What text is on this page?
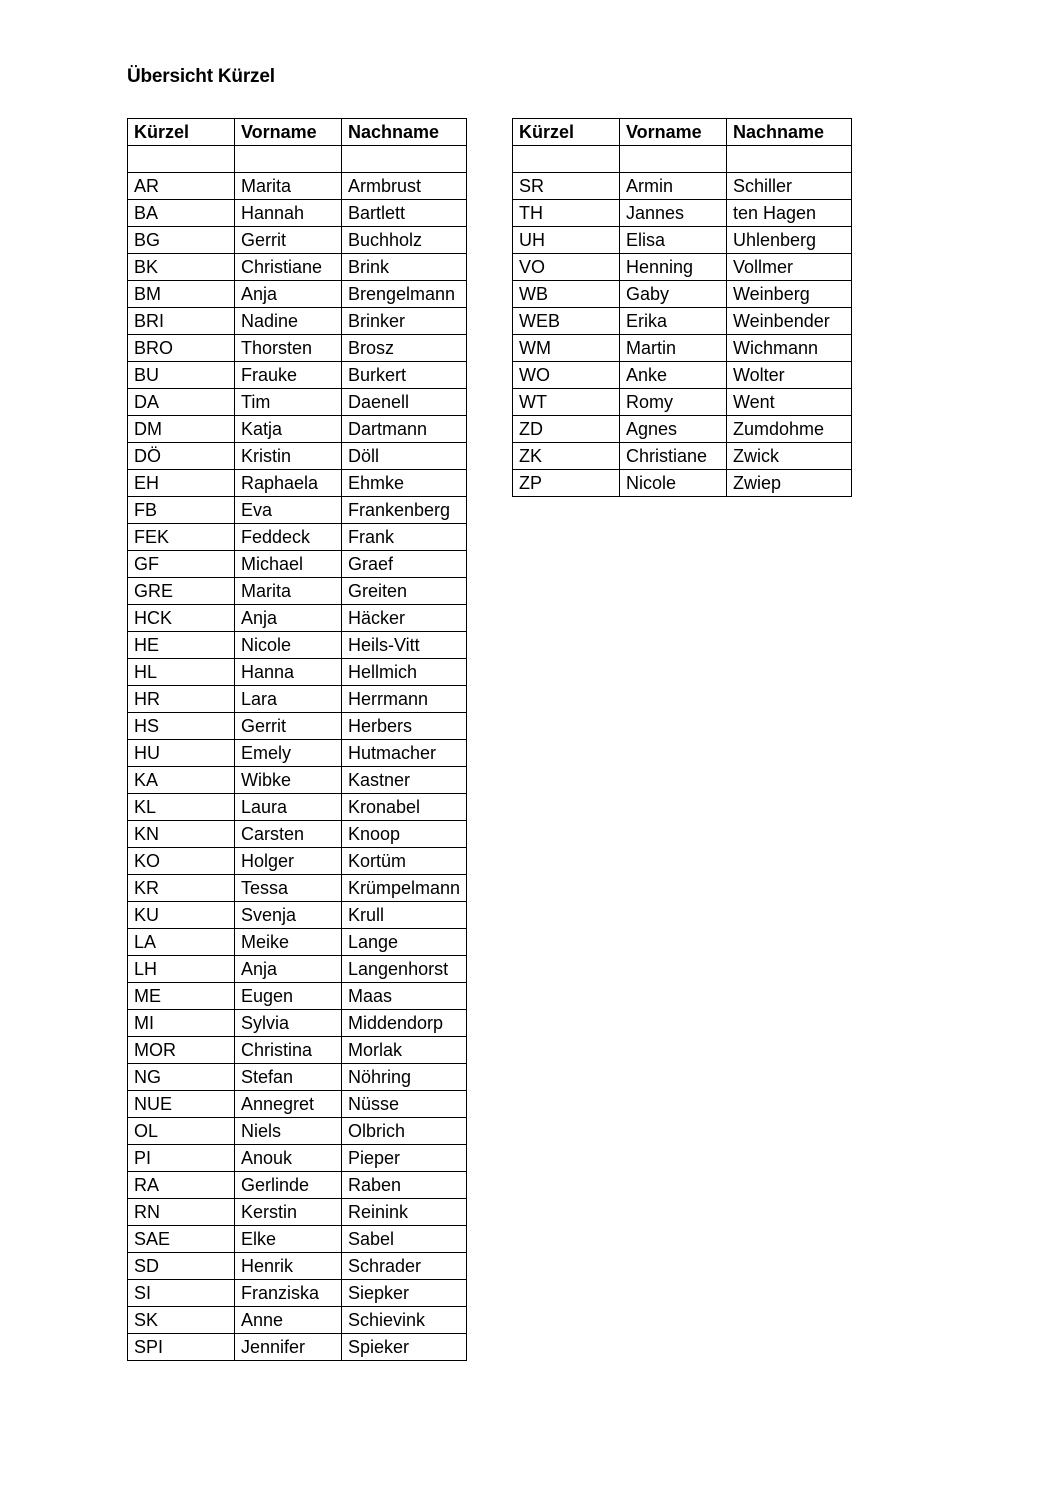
Übersicht Kürzel
Kürzel	Vorname	Nachname

AR	Marita	Armbrust
BA	Hannah	Bartlett
BG	Gerrit	Buchholz
BK	Christiane	Brink
BM	Anja	Brengelmann
BRI	Nadine	Brinker
BRO	Thorsten	Brosz
BU	Frauke	Burkert
DA	Tim	Daenell
DM	Katja	Dartmann
DÖ	Kristin	Döll
EH	Raphaela	Ehmke
FB	Eva	Frankenberg
FEK	Feddeck	Frank
GF	Michael	Graef
GRE	Marita	Greiten
HCK	Anja	Häcker
HE	Nicole	Heils-Vitt
HL	Hanna	Hellmich
HR	Lara	Herrmann
HS	Gerrit	Herbers
HU	Emely	Hutmacher
KA	Wibke	Kastner
KL	Laura	Kronabel
KN	Carsten	Knoop
KO	Holger	Kortüm
KR	Tessa	Krümpelmann
KU	Svenja	Krull
LA	Meike	Lange
LH	Anja	Langenhorst
ME	Eugen	Maas
MI	Sylvia	Middendorp
MOR	Christina	Morlak
NG	Stefan	Nöhring
NUE	Annegret	Nüsse
OL	Niels	Olbrich
PI	Anouk	Pieper
RA	Gerlinde	Raben
RN	Kerstin	Reinink
SAE	Elke	Sabel
SD	Henrik	Schrader
SI	Franziska	Siepker
SK	Anne	Schievink
SPI	Jennifer	Spieker
Kürzel	Vorname	Nachname

SR	Armin	Schiller
TH	Jannes	ten Hagen
UH	Elisa	Uhlenberg
VO	Henning	Vollmer
WB	Gaby	Weinberg
WEB	Erika	Weinbender
WM	Martin	Wichmann
WO	Anke	Wolter
WT	Romy	Went
ZD	Agnes	Zumdohme
ZK	Christiane	Zwick
ZP	Nicole	Zwiep
